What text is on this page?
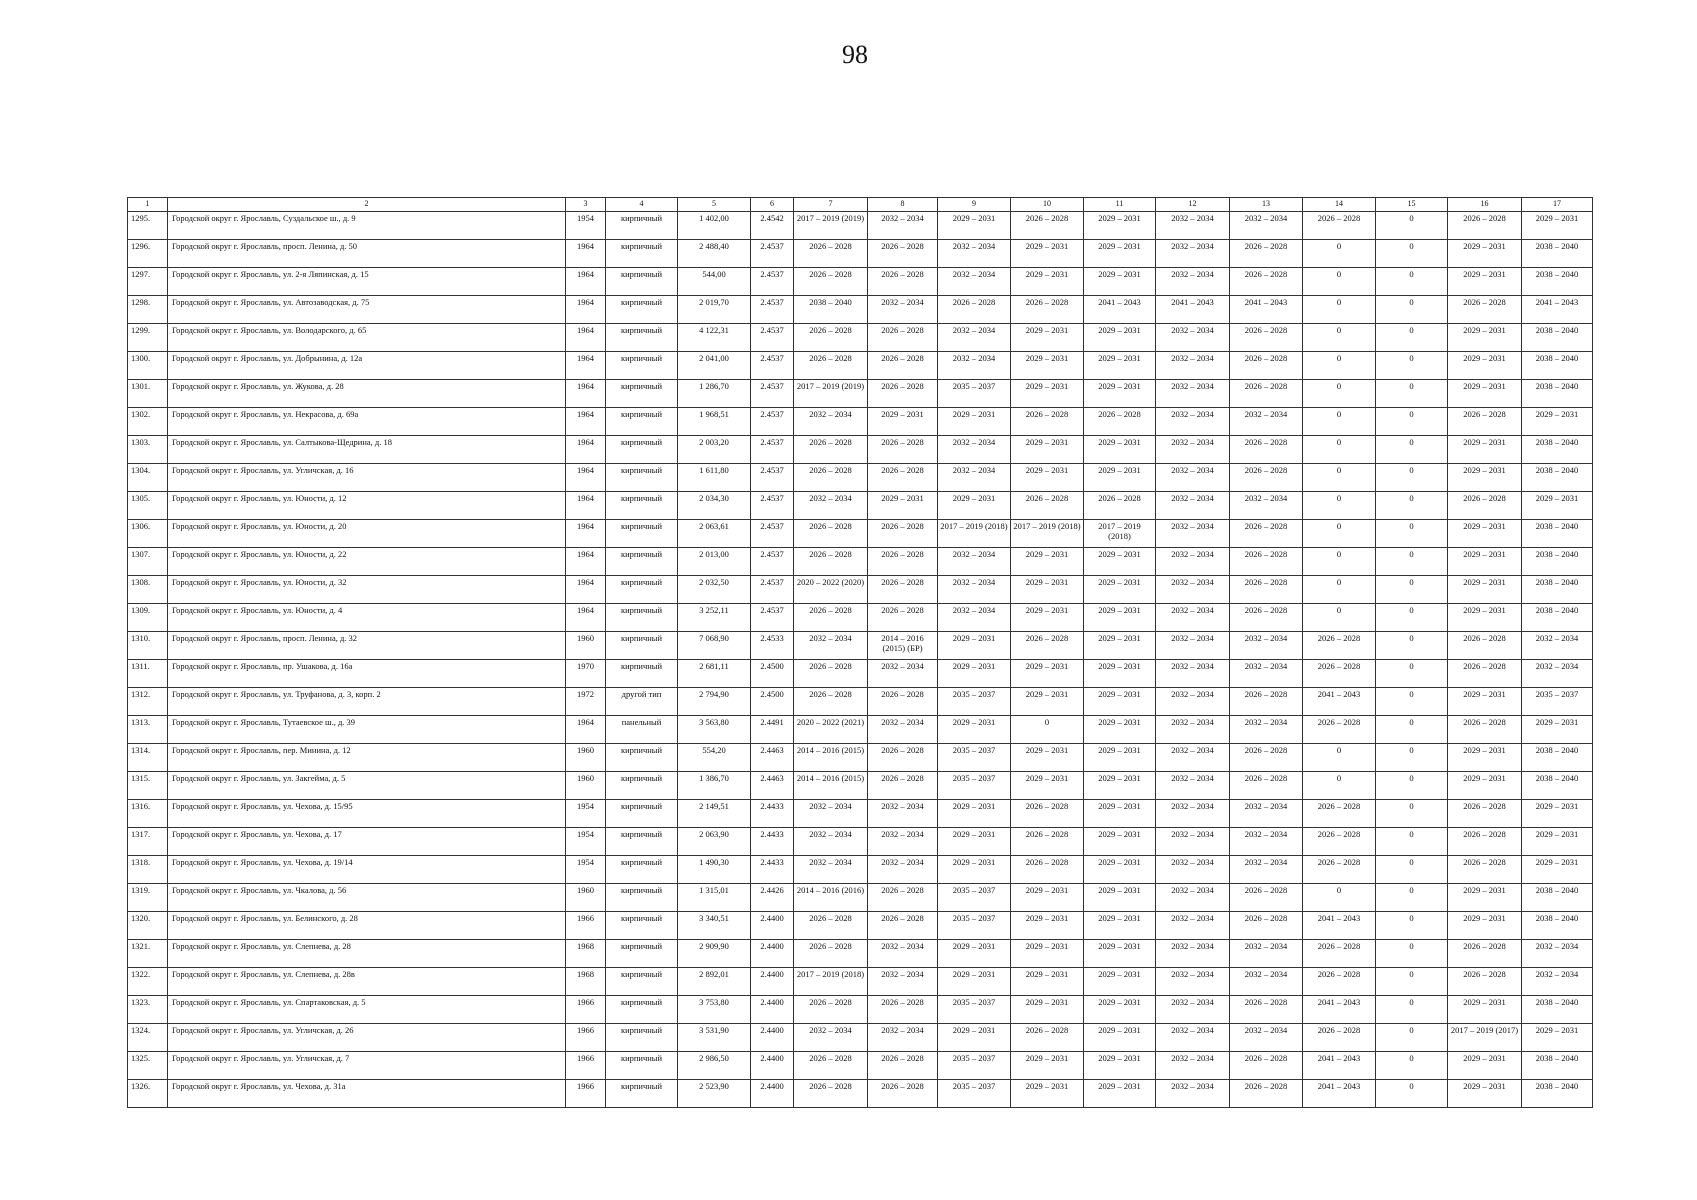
98
1	2	3	4	5	6	7	8	9	10	11	12	13	14	15	16	17
1295.	Городской округ г. Ярославль, Суздальское ш., д. 9	1954	кирпичный	1 402,00	2.4542	2017 – 2019 (2019)	2032 – 2034	2029 – 2031	2026 – 2028	2029 – 2031	2032 – 2034	2032 – 2034	2026 – 2028	0	2026 – 2028	2029 – 2031
1296.	Городской округ г. Ярославль, просп. Ленина, д. 50	1964	кирпичный	2 488,40	2.4537	2026 – 2028	2026 – 2028	2032 – 2034	2029 – 2031	2029 – 2031	2032 – 2034	2026 – 2028	0	0	2029 – 2031	2038 – 2040
1297.	Городской округ г. Ярославль, ул. 2-я Ляпинская, д. 15	1964	кирпичный	544,00	2.4537	2026 – 2028	2026 – 2028	2032 – 2034	2029 – 2031	2029 – 2031	2032 – 2034	2026 – 2028	0	0	2029 – 2031	2038 – 2040
1298.	Городской округ г. Ярославль, ул. Автозаводская, д. 75	1964	кирпичный	2 019,70	2.4537	2038 – 2040	2032 – 2034	2026 – 2028	2026 – 2028	2041 – 2043	2041 – 2043	2041 – 2043	0	0	2026 – 2028	2041 – 2043
1299.	Городской округ г. Ярославль, ул. Володарского, д. 65	1964	кирпичный	4 122,31	2.4537	2026 – 2028	2026 – 2028	2032 – 2034	2029 – 2031	2029 – 2031	2032 – 2034	2026 – 2028	0	0	2029 – 2031	2038 – 2040
1300.	Городской округ г. Ярославль, ул. Добрынина, д. 12а	1964	кирпичный	2 041,00	2.4537	2026 – 2028	2026 – 2028	2032 – 2034	2029 – 2031	2029 – 2031	2032 – 2034	2026 – 2028	0	0	2029 – 2031	2038 – 2040
1301.	Городской округ г. Ярославль, ул. Жукова, д. 28	1964	кирпичный	1 286,70	2.4537	2017 – 2019 (2019)	2026 – 2028	2035 – 2037	2029 – 2031	2029 – 2031	2032 – 2034	2026 – 2028	0	0	2029 – 2031	2038 – 2040
1302.	Городской округ г. Ярославль, ул. Некрасова, д. 69а	1964	кирпичный	1 968,51	2.4537	2032 – 2034	2029 – 2031	2029 – 2031	2026 – 2028	2026 – 2028	2032 – 2034	2032 – 2034	0	0	2026 – 2028	2029 – 2031
1303.	Городской округ г. Ярославль, ул. Салтыкова-Щедрина, д. 18	1964	кирпичный	2 003,20	2.4537	2026 – 2028	2026 – 2028	2032 – 2034	2029 – 2031	2029 – 2031	2032 – 2034	2026 – 2028	0	0	2029 – 2031	2038 – 2040
1304.	Городской округ г. Ярославль, ул. Угличская, д. 16	1964	кирпичный	1 611,80	2.4537	2026 – 2028	2026 – 2028	2032 – 2034	2029 – 2031	2029 – 2031	2032 – 2034	2026 – 2028	0	0	2029 – 2031	2038 – 2040
1305.	Городской округ г. Ярославль, ул. Юности, д. 12	1964	кирпичный	2 034,30	2.4537	2032 – 2034	2029 – 2031	2029 – 2031	2026 – 2028	2026 – 2028	2032 – 2034	2032 – 2034	0	0	2026 – 2028	2029 – 2031
1306.	Городской округ г. Ярославль, ул. Юности, д. 20	1964	кирпичный	2 063,61	2.4537	2026 – 2028	2026 – 2028	2017 – 2019 (2018)	2017 – 2019 (2018)	2017 – 2019 (2018)	2032 – 2034	2026 – 2028	0	0	2029 – 2031	2038 – 2040
1307.	Городской округ г. Ярославль, ул. Юности, д. 22	1964	кирпичный	2 013,00	2.4537	2026 – 2028	2026 – 2028	2032 – 2034	2029 – 2031	2029 – 2031	2032 – 2034	2026 – 2028	0	0	2029 – 2031	2038 – 2040
1308.	Городской округ г. Ярославль, ул. Юности, д. 32	1964	кирпичный	2 032,50	2.4537	2020 – 2022 (2020)	2026 – 2028	2032 – 2034	2029 – 2031	2029 – 2031	2032 – 2034	2026 – 2028	0	0	2029 – 2031	2038 – 2040
1309.	Городской округ г. Ярославль, ул. Юности, д. 4	1964	кирпичный	3 252,11	2.4537	2026 – 2028	2026 – 2028	2032 – 2034	2029 – 2031	2029 – 2031	2032 – 2034	2026 – 2028	0	0	2029 – 2031	2038 – 2040
1310.	Городской округ г. Ярославль, просп. Ленина, д. 32	1960	кирпичный	7 068,90	2.4533	2032 – 2034	2014 – 2016 (2015) (БР)	2029 – 2031	2026 – 2028	2029 – 2031	2032 – 2034	2032 – 2034	2026 – 2028	0	2026 – 2028	2032 – 2034
1311.	Городской округ г. Ярославль, пр. Ушакова, д. 16а	1970	кирпичный	2 681,11	2.4500	2026 – 2028	2032 – 2034	2029 – 2031	2029 – 2031	2029 – 2031	2032 – 2034	2032 – 2034	2026 – 2028	0	2026 – 2028	2032 – 2034
1312.	Городской округ г. Ярославль, ул. Труфанова, д. 3, корп. 2	1972	другой тип	2 794,90	2.4500	2026 – 2028	2026 – 2028	2035 – 2037	2029 – 2031	2029 – 2031	2032 – 2034	2026 – 2028	2041 – 2043	0	2029 – 2031	2035 – 2037
1313.	Городской округ г. Ярославль, Тутаевское ш., д. 39	1964	панельный	3 563,80	2.4491	2020 – 2022 (2021)	2032 – 2034	2029 – 2031	0	2029 – 2031	2032 – 2034	2032 – 2034	2026 – 2028	0	2026 – 2028	2029 – 2031
1314.	Городской округ г. Ярославль, пер. Минина, д. 12	1960	кирпичный	554,20	2.4463	2014 – 2016 (2015)	2026 – 2028	2035 – 2037	2029 – 2031	2029 – 2031	2032 – 2034	2026 – 2028	0	0	2029 – 2031	2038 – 2040
1315.	Городской округ г. Ярославль, ул. Закгейма, д. 5	1960	кирпичный	1 386,70	2.4463	2014 – 2016 (2015)	2026 – 2028	2035 – 2037	2029 – 2031	2029 – 2031	2032 – 2034	2026 – 2028	0	0	2029 – 2031	2038 – 2040
1316.	Городской округ г. Ярославль, ул. Чехова, д. 15/95	1954	кирпичный	2 149,51	2.4433	2032 – 2034	2032 – 2034	2029 – 2031	2026 – 2028	2029 – 2031	2032 – 2034	2032 – 2034	2026 – 2028	0	2026 – 2028	2029 – 2031
1317.	Городской округ г. Ярославль, ул. Чехова, д. 17	1954	кирпичный	2 063,90	2.4433	2032 – 2034	2032 – 2034	2029 – 2031	2026 – 2028	2029 – 2031	2032 – 2034	2032 – 2034	2026 – 2028	0	2026 – 2028	2029 – 2031
1318.	Городской округ г. Ярославль, ул. Чехова, д. 19/14	1954	кирпичный	1 490,30	2.4433	2032 – 2034	2032 – 2034	2029 – 2031	2026 – 2028	2029 – 2031	2032 – 2034	2032 – 2034	2026 – 2028	0	2026 – 2028	2029 – 2031
1319.	Городской округ г. Ярославль, ул. Чкалова, д. 56	1960	кирпичный	1 315,01	2.4426	2014 – 2016 (2016)	2026 – 2028	2035 – 2037	2029 – 2031	2029 – 2031	2032 – 2034	2026 – 2028	0	0	2029 – 2031	2038 – 2040
1320.	Городской округ г. Ярославль, ул. Белинского, д. 28	1966	кирпичный	3 340,51	2.4400	2026 – 2028	2026 – 2028	2035 – 2037	2029 – 2031	2029 – 2031	2032 – 2034	2026 – 2028	2041 – 2043	0	2029 – 2031	2038 – 2040
1321.	Городской округ г. Ярославль, ул. Слепнева, д. 28	1968	кирпичный	2 909,90	2.4400	2026 – 2028	2032 – 2034	2029 – 2031	2029 – 2031	2029 – 2031	2032 – 2034	2032 – 2034	2026 – 2028	0	2026 – 2028	2032 – 2034
1322.	Городской округ г. Ярославль, ул. Слепнева, д. 28в	1968	кирпичный	2 892,01	2.4400	2017 – 2019 (2018)	2032 – 2034	2029 – 2031	2029 – 2031	2029 – 2031	2032 – 2034	2032 – 2034	2026 – 2028	0	2026 – 2028	2032 – 2034
1323.	Городской округ г. Ярославль, ул. Спартаковская, д. 5	1966	кирпичный	3 753,80	2.4400	2026 – 2028	2026 – 2028	2035 – 2037	2029 – 2031	2029 – 2031	2032 – 2034	2026 – 2028	2041 – 2043	0	2029 – 2031	2038 – 2040
1324.	Городской округ г. Ярославль, ул. Угличская, д. 26	1966	кирпичный	3 531,90	2.4400	2032 – 2034	2032 – 2034	2029 – 2031	2026 – 2028	2029 – 2031	2032 – 2034	2032 – 2034	2026 – 2028	0	2017 – 2019 (2017)	2029 – 2031
1325.	Городской округ г. Ярославль, ул. Угличская, д. 7	1966	кирпичный	2 986,50	2.4400	2026 – 2028	2026 – 2028	2035 – 2037	2029 – 2031	2029 – 2031	2032 – 2034	2026 – 2028	2041 – 2043	0	2029 – 2031	2038 – 2040
1326.	Городской округ г. Ярославль, ул. Чехова, д. 31а	1966	кирпичный	2 523,90	2.4400	2026 – 2028	2026 – 2028	2035 – 2037	2029 – 2031	2029 – 2031	2032 – 2034	2026 – 2028	2041 – 2043	0	2029 – 2031	2038 – 2040
